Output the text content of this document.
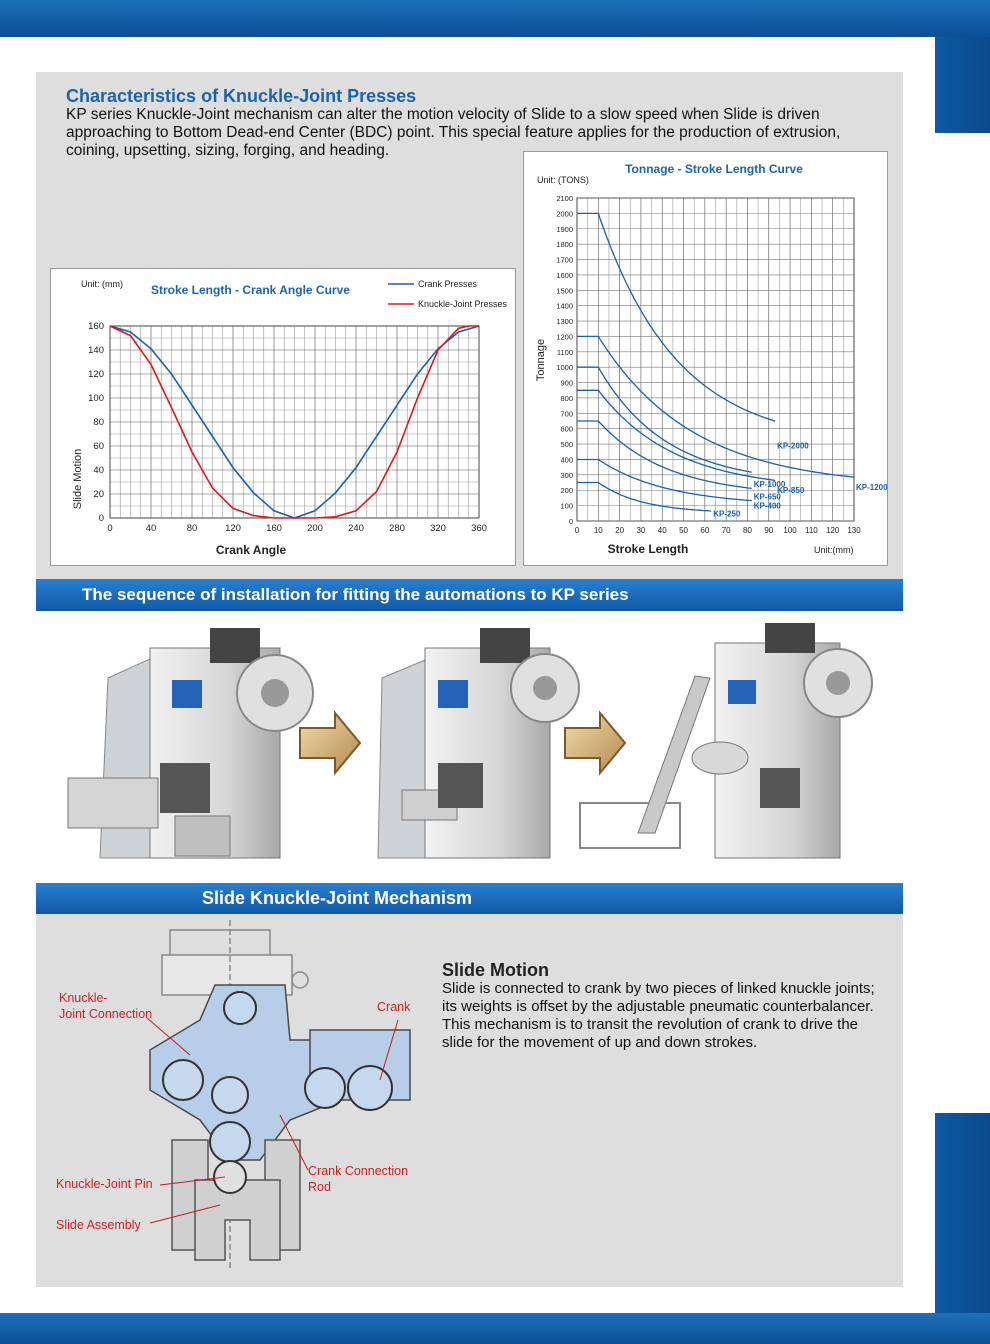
Characteristics of Knuckle-Joint Presses
KP series Knuckle-Joint mechanism can alter the motion velocity of Slide to a slow speed when Slide is driven approaching to Bottom Dead-end Center (BDC) point. This special feature applies for the production of extrusion, coining, upsetting, sizing, forging, and heading.
0	40	80	120	160	200	240	280	320	360
0
20
40
60
80
100
120
140
160
Stroke Length - Crank Angle Curve
Unit: (mm)
Crank Angle
Slide Motion
Crank Presses
Knuckle-Joint Presses
0 10 20 30 40 50 60 70 80 90 100 110 120 130
0
100
200
300
400
500
600
700
800
900
1000
1100
1200
1300
1400
1500
1600
1700
1800
1900
2000
2100
KP-2000
KP-1200
KP-1000
KP-850
KP-650
KP-400
KP-250
Tonnage - Stroke Length Curve
Unit: (TONS)
Stroke Length	Unit:(mm)
Tonnage
The sequence of installation for fitting the automations to KP series
Slide Knuckle-Joint Mechanism
Knuckle-
Joint Connection	Crank
Crank Connection
Rod
Knuckle-Joint Pin
Slide Assembly
Slide Motion
Slide is connected to crank by two pieces of linked knuckle joints; its weights is offset by the adjustable pneumatic counterbalancer. This mechanism is to transit the revolution of crank to drive the slide for the movement of up and down strokes.
